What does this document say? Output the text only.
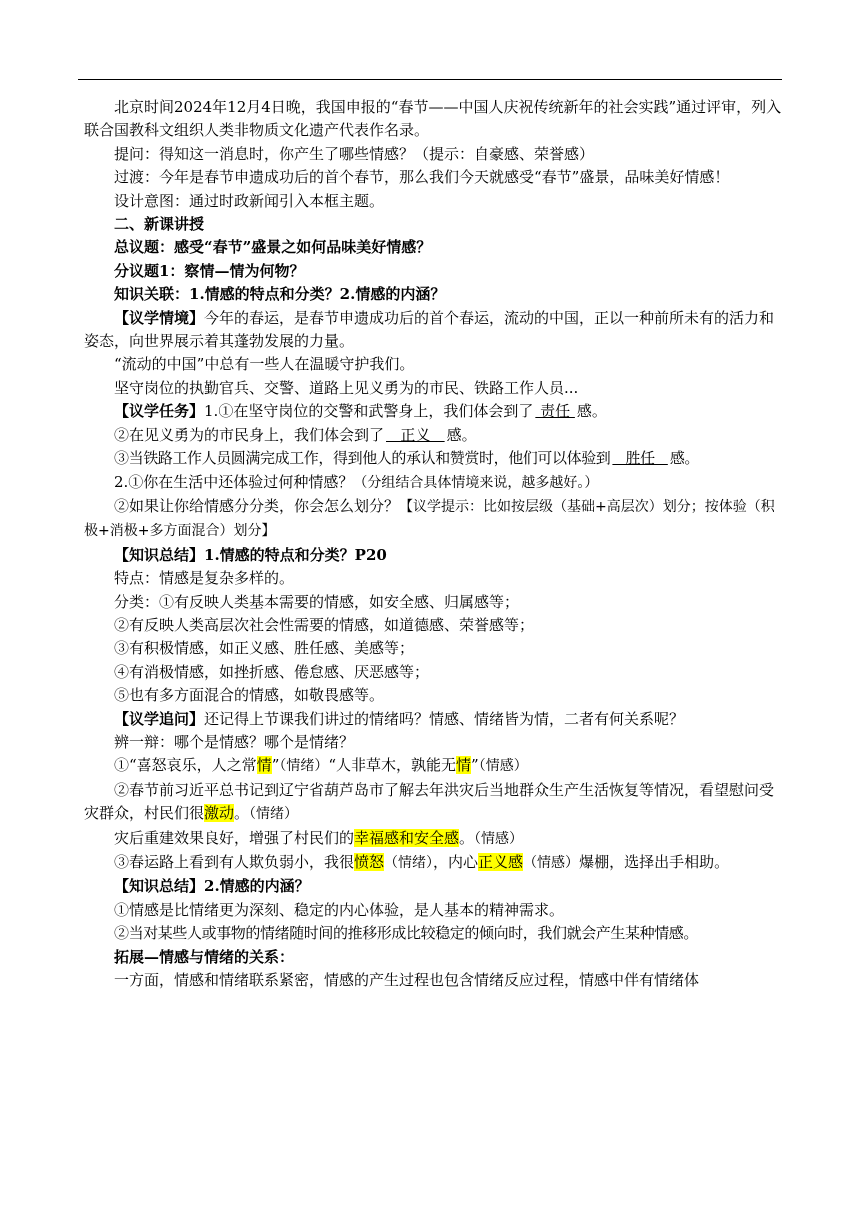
北京时间2024年12月4日晚，我国申报的“春节——中国人庆祝传统新年的社会实践”通过评审，列入联合国教科文组织人类非物质文化遗产代表作名录。

提问：得知这一消息时，你产生了哪些情感？（提示：自豪感、荣誉感）

过渡：今年是春节申遗成功后的首个春节，那么我们今天就感受“春节”盛景，品味美好情感！

设计意图：通过时政新闻引入本框主题。

二、新课讲授

总议题：感受“春节”盛景之如何品味美好情感？

分议题1：察情—情为何物？

知识关联：1.情感的特点和分类？2.情感的内涵？

【议学情境】今年的春运，是春节申遗成功后的首个春运，流动的中国，正以一种前所未有的活力和姿态，向世界展示着其蓬勃发展的力量。

“流动的中国”中总有一些人在温暖守护我们。

坚守岗位的执勤官兵、交警、道路上见义勇为的市民、铁路工作人员...

【议学任务】1.①在坚守岗位的交警和武警身上，我们体会到了 责任 感。

②在见义勇为的市民身上，我们体会到了   正义   感。

③当铁路工作人员圆满完成工作，得到他人的承认和赞赏时，他们可以体验到   胜任   感。

2.①你在生活中还体验过何种情感？（分组结合具体情境来说，越多越好。）

②如果让你给情感分分类，你会怎么划分？【议学提示：比如按层级（基础+高层次）划分；按体验（积极+消极+多方面混合）划分】

【知识总结】1.情感的特点和分类？P20

特点：情感是复杂多样的。

分类：①有反映人类基本需要的情感，如安全感、归属感等；

②有反映人类高层次社会性需要的情感，如道德感、荣誉感等；

③有积极情感，如正义感、胜任感、美感等；

④有消极情感，如挫折感、倦怠感、厌恶感等；

⑤也有多方面混合的情感，如敬畏感等。

【议学追问】还记得上节课我们讲过的情绪吗？情感、情绪皆为情，二者有何关系呢？

辨一辩：哪个是情感？哪个是情绪？

①“喜怒哀乐，人之常情”（情绪）“人非草木，孰能无情”（情感）

②春节前习近平总书记到辽宁省葫芦岛市了解去年洪灾后当地群众生产生活恢复等情况，看望慰问受灾群众，村民们很激动。（情绪）

灾后重建效果良好，增强了村民们的幸福感和安全感。（情感）

③春运路上看到有人欺负弱小，我很愤怒（情绪），内心正义感（情感）爆棚，选择出手相助。

【知识总结】2.情感的内涵？

①情感是比情绪更为深刻、稳定的内心体验，是人基本的精神需求。

②当对某些人或事物的情绪随时间的推移形成比较稳定的倾向时，我们就会产生某种情感。

拓展—情感与情绪的关系：

一方面，情感和情绪联系紧密，情感的产生过程也包含情绪反应过程，情感中伴有情绪体
